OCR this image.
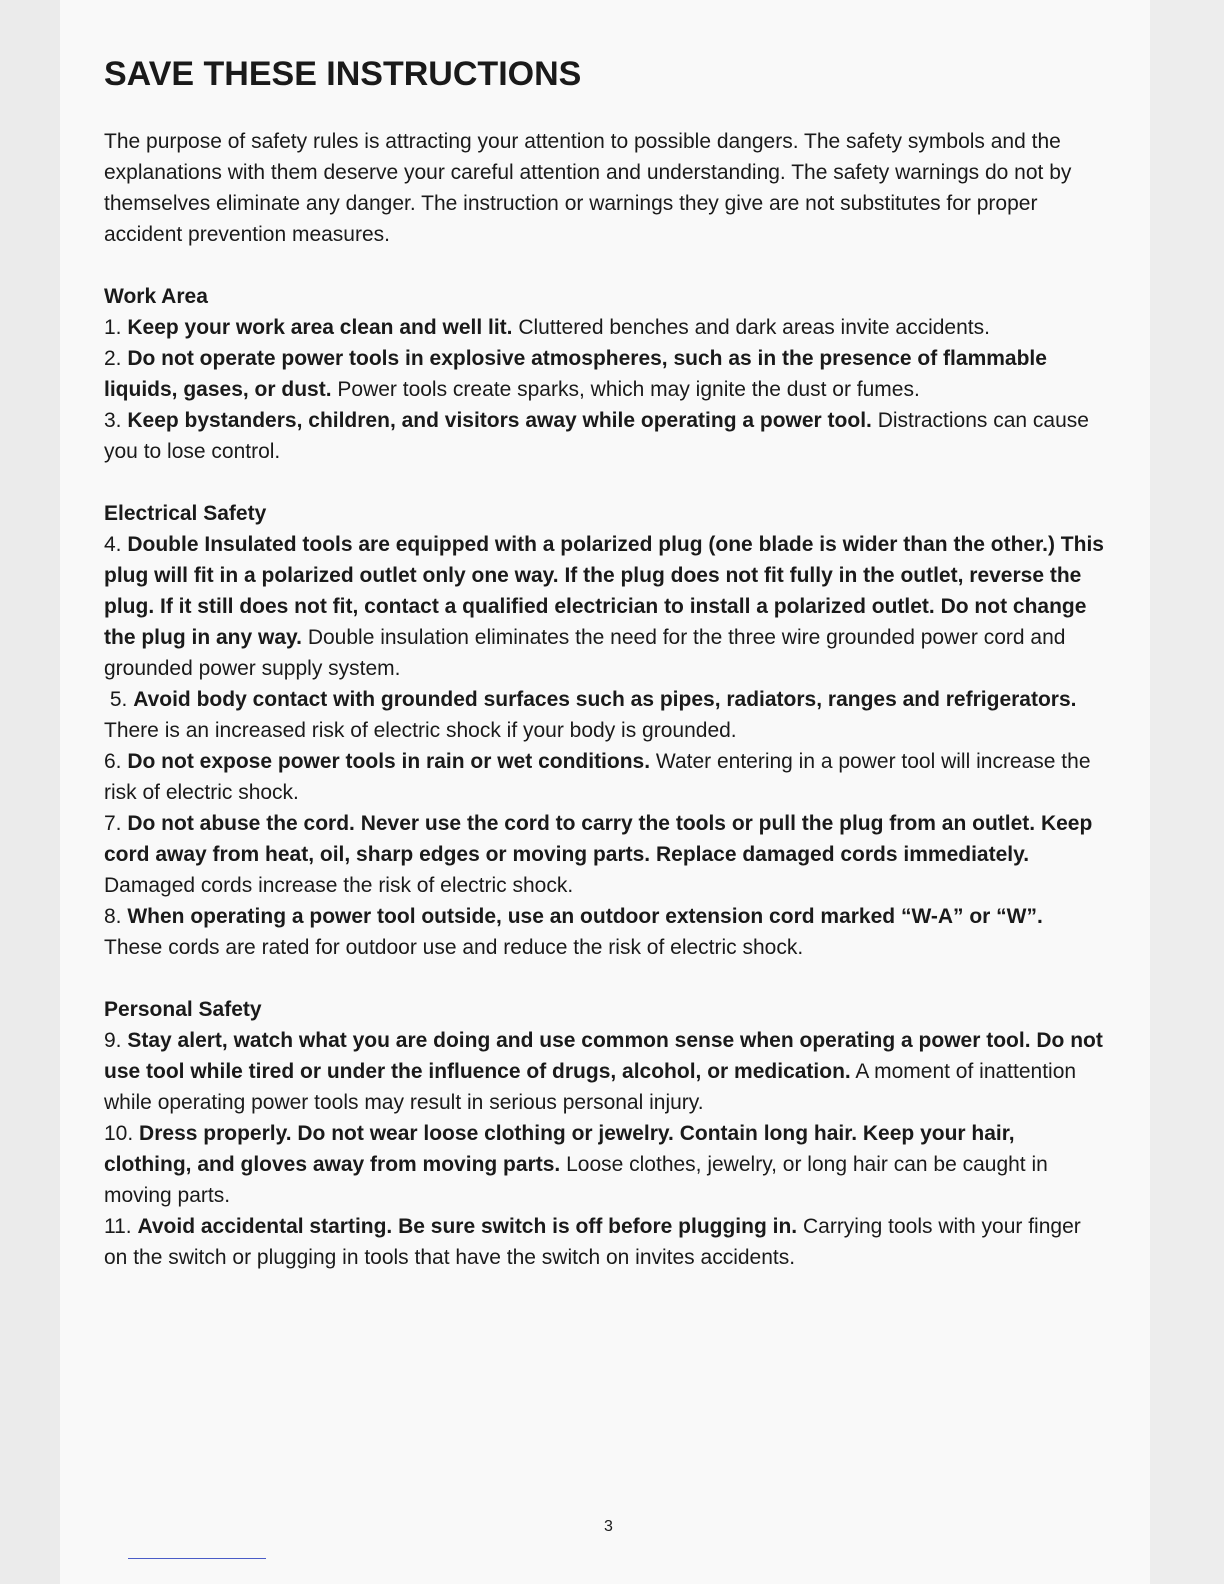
SAVE THESE INSTRUCTIONS

The purpose of safety rules is attracting your attention to possible dangers. The safety symbols and the explanations with them deserve your careful attention and understanding. The safety warnings do not by themselves eliminate any danger. The instruction or warnings they give are not substitutes for proper accident prevention measures.

Work Area

1. Keep your work area clean and well lit. Cluttered benches and dark areas invite accidents.

2. Do not operate power tools in explosive atmospheres, such as in the presence of flammable liquids, gases, or dust. Power tools create sparks, which may ignite the dust or fumes.

3. Keep bystanders, children, and visitors away while operating a power tool. Distractions can cause you to lose control.

Electrical Safety

4. Double Insulated tools are equipped with a polarized plug (one blade is wider than the other.) This plug will fit in a polarized outlet only one way. If the plug does not fit fully in the outlet, reverse the plug. If it still does not fit, contact a qualified electrician to install a polarized outlet. Do not change the plug in any way. Double insulation eliminates the need for the three wire grounded power cord and grounded power supply system.

5. Avoid body contact with grounded surfaces such as pipes, radiators, ranges and refrigerators. There is an increased risk of electric shock if your body is grounded.

6. Do not expose power tools in rain or wet conditions. Water entering in a power tool will increase the risk of electric shock.

7. Do not abuse the cord. Never use the cord to carry the tools or pull the plug from an outlet. Keep cord away from heat, oil, sharp edges or moving parts. Replace damaged cords immediately. Damaged cords increase the risk of electric shock.

8. When operating a power tool outside, use an outdoor extension cord marked “W-A” or “W”. These cords are rated for outdoor use and reduce the risk of electric shock.

Personal Safety

9. Stay alert, watch what you are doing and use common sense when operating a power tool. Do not use tool while tired or under the influence of drugs, alcohol, or medication. A moment of inattention while operating power tools may result in serious personal injury.

10. Dress properly. Do not wear loose clothing or jewelry. Contain long hair. Keep your hair, clothing, and gloves away from moving parts. Loose clothes, jewelry, or long hair can be caught in moving parts.

11. Avoid accidental starting. Be sure switch is off before plugging in. Carrying tools with your finger on the switch or plugging in tools that have the switch on invites accidents.

3
